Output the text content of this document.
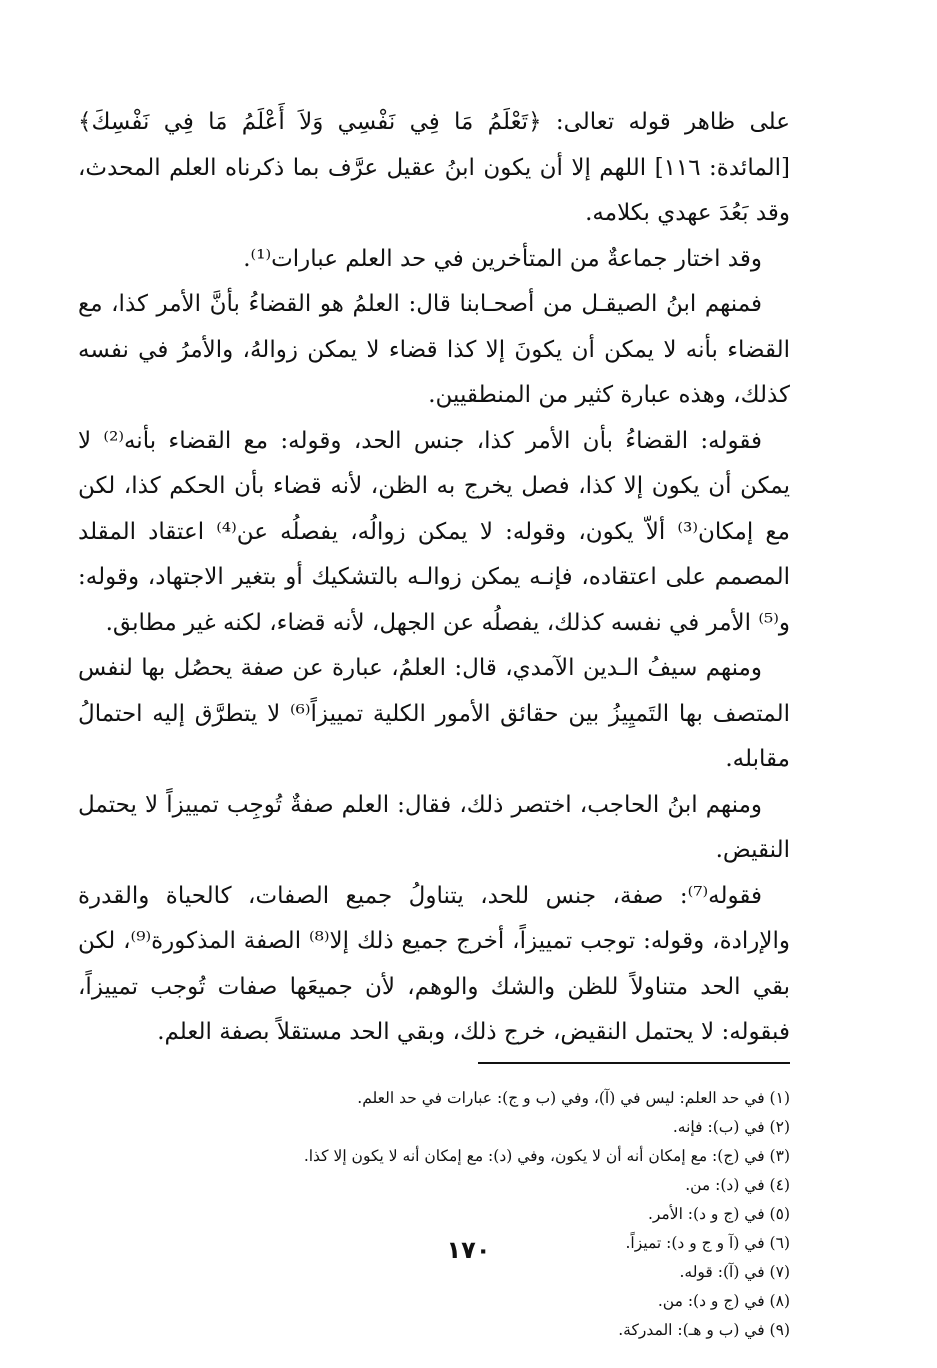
على ظاهر قوله تعالى: ﴿تَعْلَمُ مَا فِي نَفْسِي وَلاَ أَعْلَمُ مَا فِي نَفْسِكَ﴾ [المائدة: ١١٦] اللهم إلا أن يكون ابنُ عقيل عرَّف بما ذكرناه العلم المحدث، وقد بَعُدَ عهدي بكلامه.

وقد اختار جماعةٌ من المتأخرين في حد العلم عبارات⁽¹⁾.

فمنهم ابنُ الصيقـل من أصحـابنا قال: العلمُ هو القضاءُ بأنَّ الأمر كذا، مع القضاء بأنه لا يمكن أن يكونَ إلا كذا قضاء لا يمكن زوالهُ، والأمرُ في نفسه كذلك، وهذه عبارة كثير من المنطقيين.

فقوله: القضاءُ بأن الأمر كذا، جنس الحد، وقوله: مع القضاء بأنه⁽²⁾ لا يمكن أن يكون إلا كذا، فصل يخرج به الظن، لأنه قضاء بأن الحكم كذا، لكن مع إمكان⁽³⁾ ألاّ يكون، وقوله: لا يمكن زوالُه، يفصلُه عن⁽⁴⁾ اعتقاد المقلد المصمم على اعتقاده، فإنـه يمكن زوالـه بالتشكيك أو بتغير الاجتهاد، وقوله: و⁽⁵⁾ الأمر في نفسه كذلك، يفصلُه عن الجهل، لأنه قضاء، لكنه غير مطابق.

ومنهم سيفُ الـدين الآمدي، قال: العلمُ، عبارة عن صفة يحصُل بها لنفس المتصف بها التَميِيزُ بين حقائق الأمور الكلية تمييزاً⁽⁶⁾ لا يتطرَّق إليه احتمالُ مقابله.

ومنهم ابنُ الحاجب، اختصر ذلك، فقال: العلم صفةٌ تُوجِب تمييزاً لا يحتمل النقيض.

فقوله⁽⁷⁾: صفة، جنس للحد، يتناولُ جميع الصفات، كالحياة والقدرة والإرادة، وقوله: توجب تمييزاً، أخرج جميع ذلك إلا⁽⁸⁾ الصفة المذكورة⁽⁹⁾، لكن بقي الحد متناولاً للظن والشك والوهم، لأن جميعَها صفات تُوجب تمييزاً، فبقوله: لا يحتمل النقيض، خرج ذلك، وبقي الحد مستقلاً بصفة العلم.

(١) في حد العلم: ليس في (آ)، وفي (ب و ج): عبارات في حد العلم.

(٢) في (ب): فإنه.

(٣) في (ج): مع إمكان أنه أن لا يكون، وفي (د): مع إمكان أنه لا يكون إلا كذا.

(٤) في (د): من.

(٥) في (ج و د): الأمر.

(٦) في (آ و ج و د): تميزاً.

(٧) في (آ): قوله.

(٨) في (ج و د): من.

(٩) في (ب و هـ): المدركة.

١٧٠
